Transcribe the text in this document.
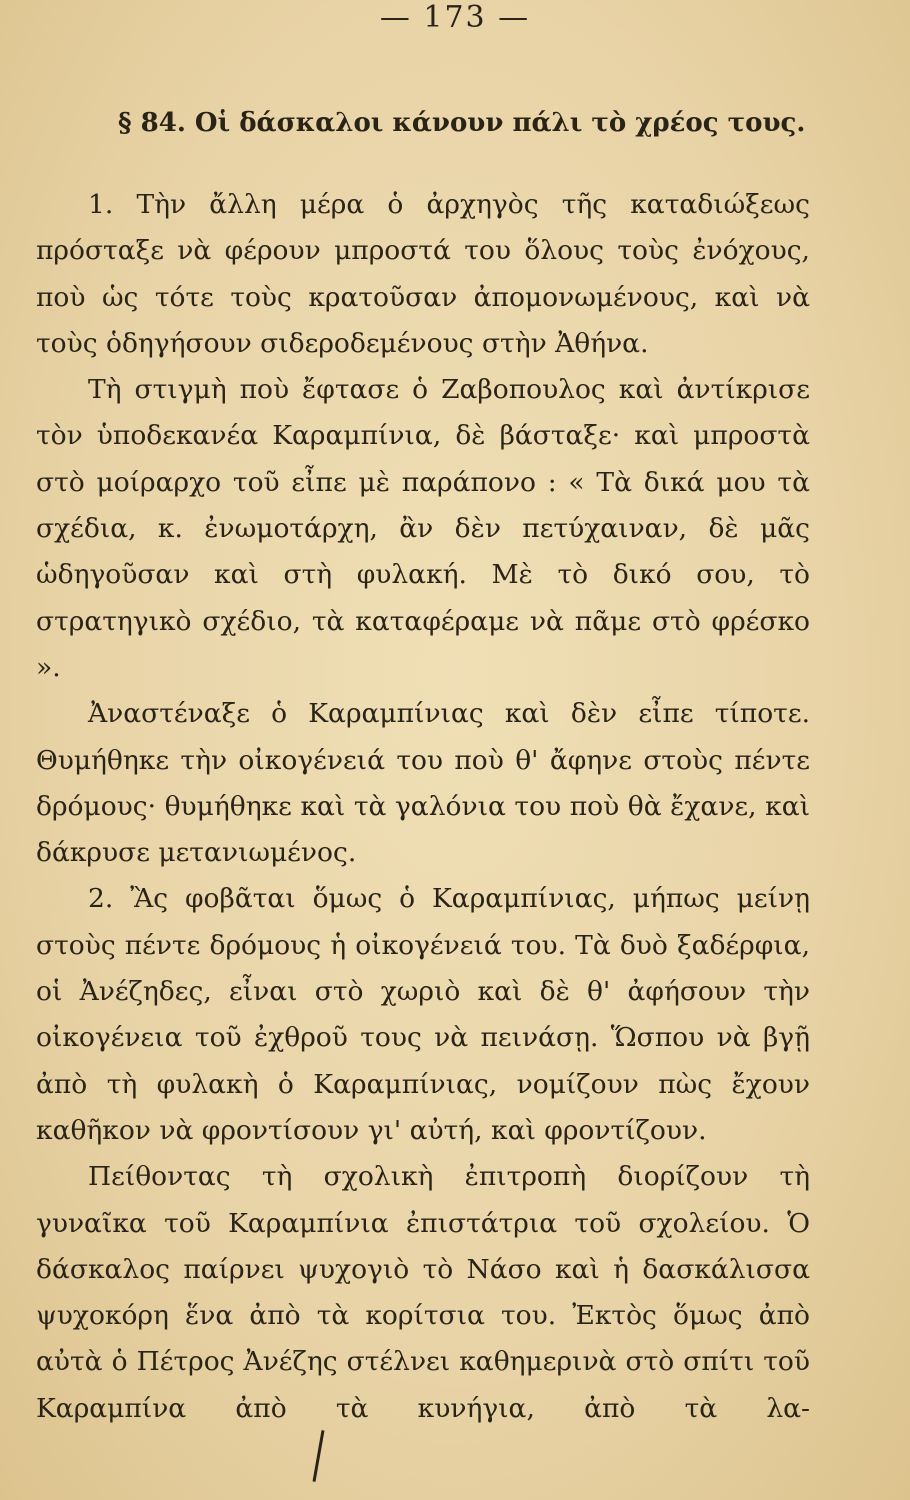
— 173 —
§ 84. Οἱ δάσκαλοι κάνουν πάλι τὸ χρέος τους.

1. Τὴν ἄλλη μέρα ὁ ἀρχηγὸς τῆς καταδιώξεως πρόσταξε νὰ φέρουν μπροστά του ὅλους τοὺς ἐνόχους, ποὺ ὡς τότε τοὺς κρατοῦσαν ἀπομονωμένους, καὶ νὰ τοὺς ὁδηγήσουν σιδεροδεμένους στὴν Ἀθήνα.

Τὴ στιγμὴ ποὺ ἔφτασε ὁ Ζαβοπουλος καὶ ἀντίκρισε τὸν ὑποδεκανέα Καραμπίνια, δὲ βάσταξε· καὶ μπροστὰ στὸ μοίραρχο τοῦ εἶπε μὲ παράπονο : « Τὰ δικά μου τὰ σχέδια, κ. ἐνωμοτάρχη, ἂν δὲν πετύχαιναν, δὲ μᾶς ὡδηγοῦσαν καὶ στὴ φυλακή. Μὲ τὸ δικό σου, τὸ στρατηγικὸ σχέδιο, τὰ καταφέραμε νὰ πᾶμε στὸ φρέσκο ».

Ἀναστέναξε ὁ Καραμπίνιας καὶ δὲν εἶπε τίποτε. Θυμήθηκε τὴν οἰκογένειά του ποὺ θ' ἄφηνε στοὺς πέντε δρόμους· θυμήθηκε καὶ τὰ γαλόνια του ποὺ θὰ ἔχανε, καὶ δάκρυσε μετανιωμένος.

2. Ἂς φοβᾶται ὅμως ὁ Καραμπίνιας, μήπως μείνῃ στοὺς πέντε δρόμους ἡ οἰκογένειά του. Τὰ δυὸ ξαδέρφια, οἱ Ἀνέζηδες, εἶναι στὸ χωριὸ καὶ δὲ θ' ἀφήσουν τὴν οἰκογένεια τοῦ ἐχθροῦ τους νὰ πεινάσῃ. Ὥσπου νὰ βγῇ ἀπὸ τὴ φυλακὴ ὁ Καραμπίνιας, νομίζουν πὼς ἔχουν καθῆκον νὰ φροντίσουν γι' αὐτή, καὶ φροντίζουν.

Πείθοντας τὴ σχολικὴ ἐπιτροπὴ διορίζουν τὴ γυναῖκα τοῦ Καραμπίνια ἐπιστάτρια τοῦ σχολείου. Ὁ δάσκαλος παίρνει ψυχογιὸ τὸ Νάσο καὶ ἡ δασκάλισσα ψυχοκόρη ἕνα ἀπὸ τὰ κορίτσια του. Ἐκτὸς ὅμως ἀπὸ αὐτὰ ὁ Πέτρος Ἀνέζης στέλνει καθημερινὰ στὸ σπίτι τοῦ Καραμπίνα ἀπὸ τὰ κυνήγια, ἀπὸ τὰ λα-
